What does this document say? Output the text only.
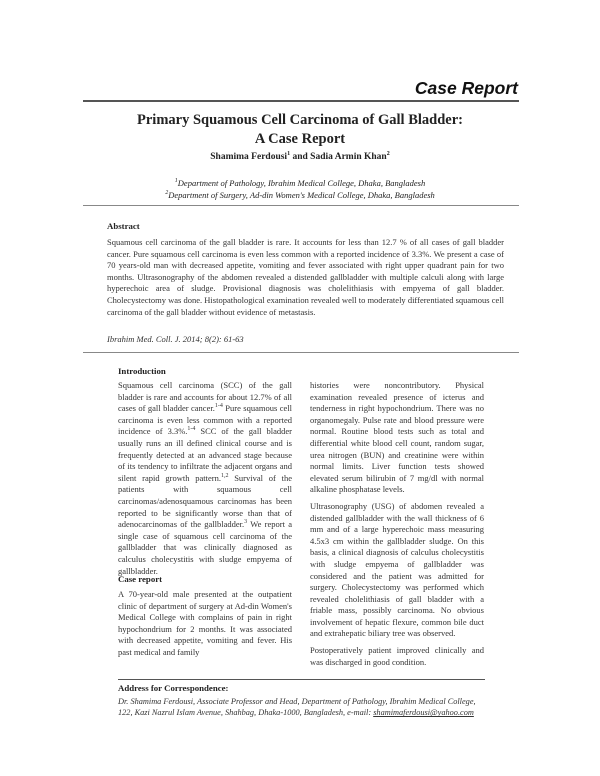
Case Report
Primary Squamous Cell Carcinoma of Gall Bladder:
A Case Report
Shamima Ferdousi$^1$ and Sadia Armin Khan$^2$
$^1$Department of Pathology, Ibrahim Medical College, Dhaka, Bangladesh
$^2$Department of Surgery, Ad-din Women's Medical College, Dhaka, Bangladesh
Abstract
Squamous cell carcinoma of the gall bladder is rare. It accounts for less than 12.7 % of all cases of gall bladder cancer. Pure squamous cell carcinoma is even less common with a reported incidence of 3.3%. We present a case of 70 years-old man with decreased appetite, vomiting and fever associated with right upper quadrant pain for two months. Ultrasonography of the abdomen revealed a distended gallbladder with multiple calculi along with large hyperechoic area of sludge. Provisional diagnosis was cholelithiasis with empyema of gall bladder. Cholecystectomy was done. Histopathological examination revealed well to moderately differentiated squamous cell carcinoma of the gall bladder without evidence of metastasis.
Ibrahim Med. Coll. J. 2014; 8(2): 61-63
Introduction

Squamous cell carcinoma (SCC) of the gall bladder is rare and accounts for about 12.7% of all cases of gall bladder cancer.$^{1-4}$ Pure squamous cell carcinoma is even less common with a reported incidence of 3.3%.$^{1-4}$ SCC of the gall bladder usually runs an ill defined clinical course and is frequently detected at an advanced stage because of its tendency to infiltrate the adjacent organs and silent rapid growth pattern.$^{1,2}$ Survival of the patients with squamous cell carcinomas/adenosquamous carcinomas has been reported to be significantly worse than that of adenocarcinomas of the gallbladder.$^3$ We report a single case of squamous cell carcinoma of the gallbladder that was clinically diagnosed as calculus cholecystitis with sludge empyema of gallbladder.

Case report

A 70-year-old male presented at the outpatient clinic of department of surgery at Ad-din Women's Medical College with complains of pain in right hypochondrium for 2 months. It was associated with decreased appetite, vomiting and fever. His past medical and family

histories were noncontributory. Physical examination revealed presence of icterus and tenderness in right hypochondrium. There was no organomegaly. Pulse rate and blood pressure were normal. Routine blood tests such as total and differential white blood cell count, random sugar, urea nitrogen (BUN) and creatinine were within normal limits. Liver function tests showed elevated serum bilirubin of 7 mg/dl with normal alkaline phosphatase levels.

Ultrasonography (USG) of abdomen revealed a distended gallbladder with the wall thickness of 6 mm and of a large hyperechoic mass measuring 4.5x3 cm within the gallbladder sludge. On this basis, a clinical diagnosis of calculus cholecystitis with sludge empyema of gallbladder was considered and the patient was admitted for surgery. Cholecystectomy was performed which revealed cholelithiasis of gall bladder with a friable mass, possibly carcinoma. No obvious involvement of hepatic flexure, common bile duct and extrahepatic biliary tree was observed.

Postoperatively patient improved clinically and was discharged in good condition.

Address for Correspondence:
Dr. Shamima Ferdousi, Associate Professor and Head, Department of Pathology, Ibrahim Medical College, 122, Kazi Nazrul Islam Avenue, Shahbag, Dhaka-1000, Bangladesh, e-mail: shamimaferdousi@yahoo.com
